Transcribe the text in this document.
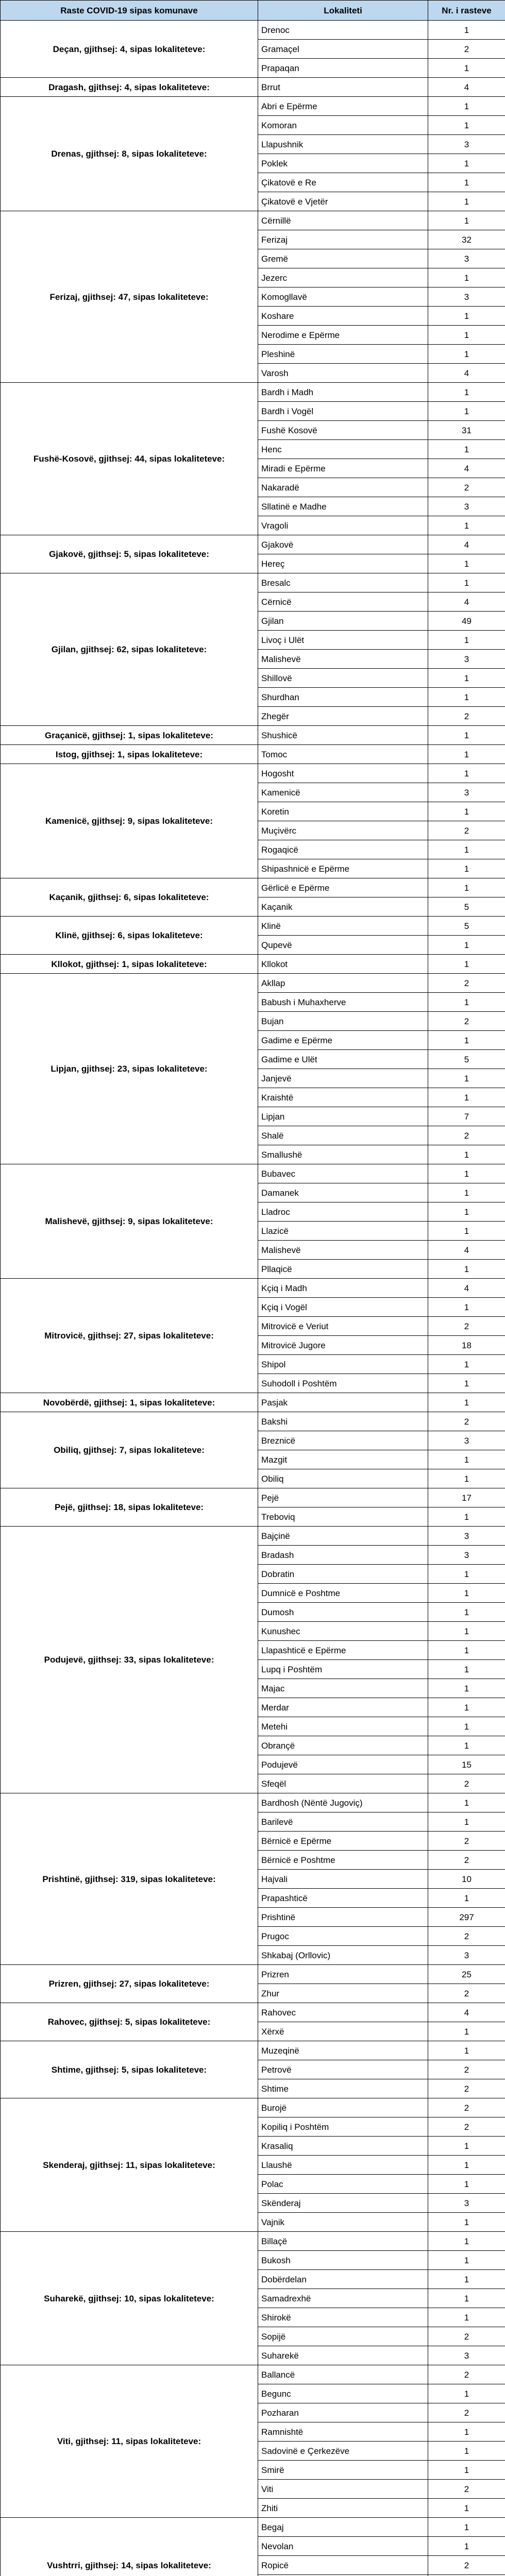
Raste COVID-19 sipas komunave	Lokaliteti	Nr. i rasteve
Deçan, gjithsej: 4, sipas lokaliteteve:	Drenoc	1
	Gramaçel	2
	Prapaqan	1
Dragash, gjithsej: 4, sipas lokaliteteve:	Brrut	4
Drenas, gjithsej: 8, sipas lokaliteteve:	Abri e Epërme	1
	Komoran	1
	Llapushnik	3
	Poklek	1
	Çikatovë e Re	1
	Çikatovë e Vjetër	1
Ferizaj, gjithsej: 47, sipas lokaliteteve:	Cërnillë	1
	Ferizaj	32
	Gremë	3
	Jezerc	1
	Komogllavë	3
	Koshare	1
	Nerodime e Epërme	1
	Pleshinë	1
	Varosh	4
Fushë-Kosovë, gjithsej: 44, sipas lokaliteteve:	Bardh i Madh	1
	Bardh i Vogël	1
	Fushë Kosovë	31
	Henc	1
	Miradi e Epërme	4
	Nakaradë	2
	Sllatinë e Madhe	3
	Vragoli	1
Gjakovë, gjithsej: 5, sipas lokaliteteve:	Gjakovë	4
	Hereç	1
Gjilan, gjithsej: 62, sipas lokaliteteve:	Bresalc	1
	Cërnicë	4
	Gjilan	49
	Livoç i Ulët	1
	Malishevë	3
	Shillovë	1
	Shurdhan	1
	Zhegër	2
Graçanicë, gjithsej: 1, sipas lokaliteteve:	Shushicë	1
Istog, gjithsej: 1, sipas lokaliteteve:	Tomoc	1
Kamenicë, gjithsej: 9, sipas lokaliteteve:	Hogosht	1
	Kamenicë	3
	Koretin	1
	Muçivërc	2
	Rogaqicë	1
	Shipashnicë e Epërme	1
Kaçanik, gjithsej: 6, sipas lokaliteteve:	Gërlicë e Epërme	1
	Kaçanik	5
Klinë, gjithsej: 6, sipas lokaliteteve:	Klinë	5
	Qupevë	1
Kllokot, gjithsej: 1, sipas lokaliteteve:	Kllokot	1
Lipjan, gjithsej: 23, sipas lokaliteteve:	Akllap	2
	Babush i Muhaxherve	1
	Bujan	2
	Gadime e Epërme	1
	Gadime e Ulët	5
	Janjevë	1
	Kraishtë	1
	Lipjan	7
	Shalë	2
	Smallushë	1
Malishevë, gjithsej: 9, sipas lokaliteteve:	Bubavec	1
	Damanek	1
	Lladroc	1
	Llazicë	1
	Malishevë	4
	Pllaqicë	1
Mitrovicë, gjithsej: 27, sipas lokaliteteve:	Kçiq i Madh	4
	Kçiq i Vogël	1
	Mitrovicë e Veriut	2
	Mitrovicë Jugore	18
	Shipol	1
	Suhodoll i Poshtëm	1
Novobërdë, gjithsej: 1, sipas lokaliteteve:	Pasjak	1
Obiliq, gjithsej: 7, sipas lokaliteteve:	Bakshi	2
	Breznicë	3
	Mazgit	1
	Obiliq	1
Pejë, gjithsej: 18, sipas lokaliteteve:	Pejë	17
	Treboviq	1
Podujevë, gjithsej: 33, sipas lokaliteteve:	Bajçinë	3
	Bradash	3
	Dobratin	1
	Dumnicë e Poshtme	1
	Dumosh	1
	Kunushec	1
	Llapashticë e Epërme	1
	Lupq i Poshtëm	1
	Majac	1
	Merdar	1
	Metehi	1
	Obrançë	1
	Podujevë	15
	Sfeqël	2
Prishtinë, gjithsej: 319, sipas lokaliteteve:	Bardhosh (Nëntë Jugoviç)	1
	Barilevë	1
	Bërnicë e Epërme	2
	Bërnicë e Poshtme	2
	Hajvali	10
	Prapashticë	1
	Prishtinë	297
	Prugoc	2
	Shkabaj (Orllovic)	3
Prizren, gjithsej: 27, sipas lokaliteteve:	Prizren	25
	Zhur	2
Rahovec, gjithsej: 5, sipas lokaliteteve:	Rahovec	4
	Xërxë	1
Shtime, gjithsej: 5, sipas lokaliteteve:	Muzeqinë	1
	Petrovë	2
	Shtime	2
Skenderaj, gjithsej: 11, sipas lokaliteteve:	Burojë	2
	Kopiliq i Poshtëm	2
	Krasaliq	1
	Llaushë	1
	Polac	1
	Skënderaj	3
	Vajnik	1
Suharekë, gjithsej: 10, sipas lokaliteteve:	Billaçë	1
	Bukosh	1
	Dobërdelan	1
	Samadrexhë	1
	Shirokë	1
	Sopijë	2
	Suharekë	3
Viti, gjithsej: 11, sipas lokaliteteve:	Ballancë	2
	Begunc	1
	Pozharan	2
	Ramnishtë	1
	Sadovinë e Çerkezëve	1
	Smirë	1
	Viti	2
	Zhiti	1
Vushtrri, gjithsej: 14, sipas lokaliteteve:	Begaj	1
	Nevolan	1
	Ropicë	2
